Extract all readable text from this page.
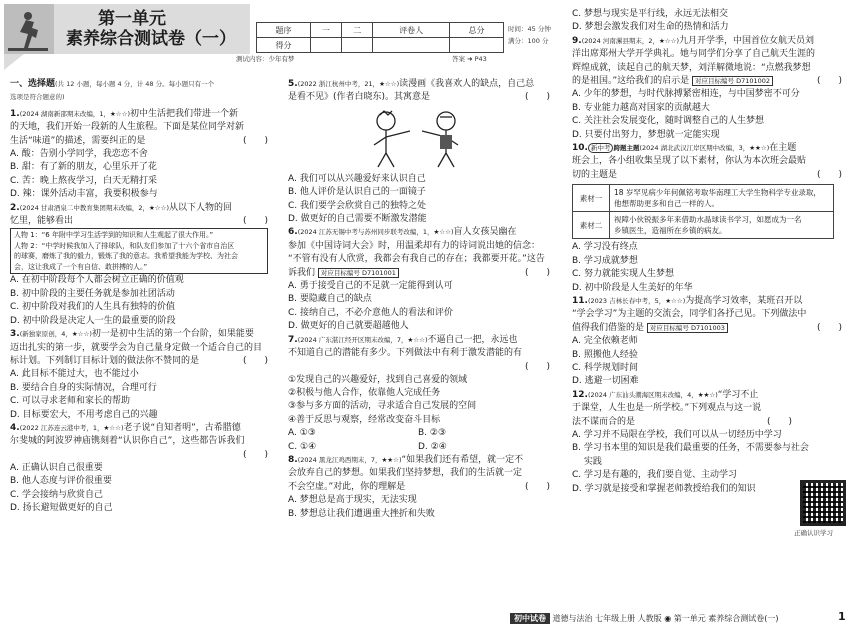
第一单元
素养综合测试卷（一）
测试内容：少年有梦
题序	一	二	评卷人	总分
得分				
时间：45 分钟
满分：100 分
答案 ➜ P43
一、选择题(共 12 小题，每小题 4 分，计 48 分。每小题只有一个
选项是符合题意的)
1.(2024 湖南新邵期末改编，1，★☆☆)初中生活把我们带进一个新
的天地，我们开始一段新的人生旅程。下面是某位同学对新
生活“味道”的描述，需要纠正的是	(　　)
A. 酸：告别小学同学，我恋恋不舍
B. 甜：有了新的朋友，心里乐开了花
C. 苦：晚上熬夜学习，白天无精打采
D. 辣：课外活动丰富，我要积极参与
2.(2024 甘肃酒泉二中教育集团期末改编，2，★☆☆)从以下人物的回
忆里，能够看出	(　　)
人物 1：“6 年附中学习生活学到的知识和人生观起了很大作用。”
人物 2：“中学时候我加入了排球队，和队友们参加了十六个省市自治区
的球赛，磨炼了我的毅力，锻炼了我的意志。我希望我能为学校、为社会
会，这让我成了一个有自信、敢拼搏的人。”
A. 在初中阶段每个人都会树立正确的价值观
B. 初中阶段的主要任务就是参加社团活动
C. 初中阶段对我们的人生具有独特的价值
D. 初中阶段是决定人一生的最重要的阶段
3.(新独家原创，4，★☆☆)初一是初中生活的第一个台阶，如果能要
迈出扎实的第一步，就要学会为自己量身定做一个适合自己的目
标计划。下列制订目标计划的做法你不赞同的是	(　　)
A. 此目标不能过大，也不能过小
B. 要结合自身的实际情况，合理可行
C. 可以寻求老师和家长的帮助
D. 目标要宏大，不用考虑自己的兴趣
4.(2022 江苏连云港中考，1，★☆☆)老子说“自知者明”，古希腊德
尔斐城的阿波罗神庙镌刻着“认识你自己”，这些都告诉我们
(　　)
A. 正确认识自己很重要
B. 他人态度与评价很重要
C. 学会接纳与欣赏自己
D. 扬长避短做更好的自己
5.(2022 浙江杭州中考，21，★☆☆)读漫画《我喜欢人的缺点，自己总
是看不见》(作者白晓东)。其寓意是	(　　)
A. 我们可以从兴趣爱好来认识自己
B. 他人评价是认识自己的一面镜子
C. 我们要学会欣赏自己的独特之处
D. 做更好的自己需要不断激发潜能
6.(2024 江苏无锡中考与苏州同步联考改编，1，★☆☆)盲人女孩吴幽在
参加《中国诗词大会》时，用温柔却有力的诗词说出她的信念：
“不管有没有人欣赏，我都会有我自己的存在；我都要开花。”这告
诉我们 对应目标编号 D7101001	(　　)
A. 勇于接受自己的不足就一定能得到认可
B. 要隐藏自己的缺点
C. 接纳自己，不必介意他人的看法和评价
D. 做更好的自己就要超越他人
7.(2024 广东湛江经开区期末改编，7，★☆☆)不逼自己一把，永远也
不知道自己的潜能有多少。下列做法中有利于激发潜能的有
(　　)
①发现自己的兴趣爱好，找到自己喜爱的领域
②积极与他人合作，依靠他人完成任务
③参与多方面的活动，寻求适合自己发展的空间
④善于反思与观察，经常改变奋斗目标
A. ①③	B. ②③
C. ①④	D. ②④
8.(2024 黑龙江鸡西期末，7，★★☆)“如果我们还有希望，就一定不
会放弃自己的梦想。如果我们坚持梦想，我们的生活就一定
不会空虚。”对此，你的理解是	(　　)
A. 梦想总是高于现实，无法实现
B. 梦想总让我们遭遇重大挫折和失败
C. 梦想与现实是平行线，永远无法相交
D. 梦想会激发我们对生命的热情和活力
9.(2024 河南漯县期末，2，★☆☆)九月开学季，中国首位女航天员刘
洋出席郑州大学开学典礼。她与同学们分享了自己航天生涯的
辉煌成就，读起自己的航天梦，刘洋解微地说：“点燃我梦想
的是祖国。”这给我们的启示是 对应目标编号 D7101002	(　　)
A. 少年的梦想，与时代脉搏紧密相连，与中国梦密不可分
B. 专业能力越高对国家的贡献越大
C. 关注社会发展变化，随时调整自己的人生梦想
D. 只要付出努力，梦想就一定能实现
10. 新中考 跨题主题(2024 湖北武汉江岸区期中改编，3，★★☆)在主题
班会上，各小组收集呈现了以下素材，你认为本次班会最贴
切的主题是	(　　)
素材一	18 岁罕见病少年何佩铭考取华南理工大学生物科学专业录取，
他想帮助更多和自己一样的人。

素材二	视障小伙锐振多年来借助水晶球读书学习，如愿成为一名
乡镇医生，造福所在乡镇的病友。
A. 学习没有终点
B. 学习成就梦想
C. 努力就能实现人生梦想
D. 初中阶段是人生美好的年华
11.(2023 吉林长春中考，5，★☆☆)为提高学习效率，某班召开以
“学会学习”为主题的交流会，同学们各抒己见。下列做法中
值得我们借鉴的是 对应目标编号 D7101003	(　　)
A. 完全依赖老师
B. 照搬他人经验
C. 科学规划时间
D. 逃避一切困难
12.(2024 广东汕头潮海区期末改编，4，★★☆)“学习不止
于课堂，人生也是一所学校。”下列观点与这一说
法不谋而合的是	(　　)
A. 学习并不局限在学校，我们可以从一切经历中学习
B. 学习书本里的知识是我们最重要的任务，不需要参与社会
　 实践
C. 学习是有趣的，我们要自觉、主动学习
D. 学习就是接受和掌握老师教授给我们的知识
正确认识学习
初中试卷 道德与法治 七年级上册 人教版 ◉ 第一单元 素养综合测试卷(一)	1
